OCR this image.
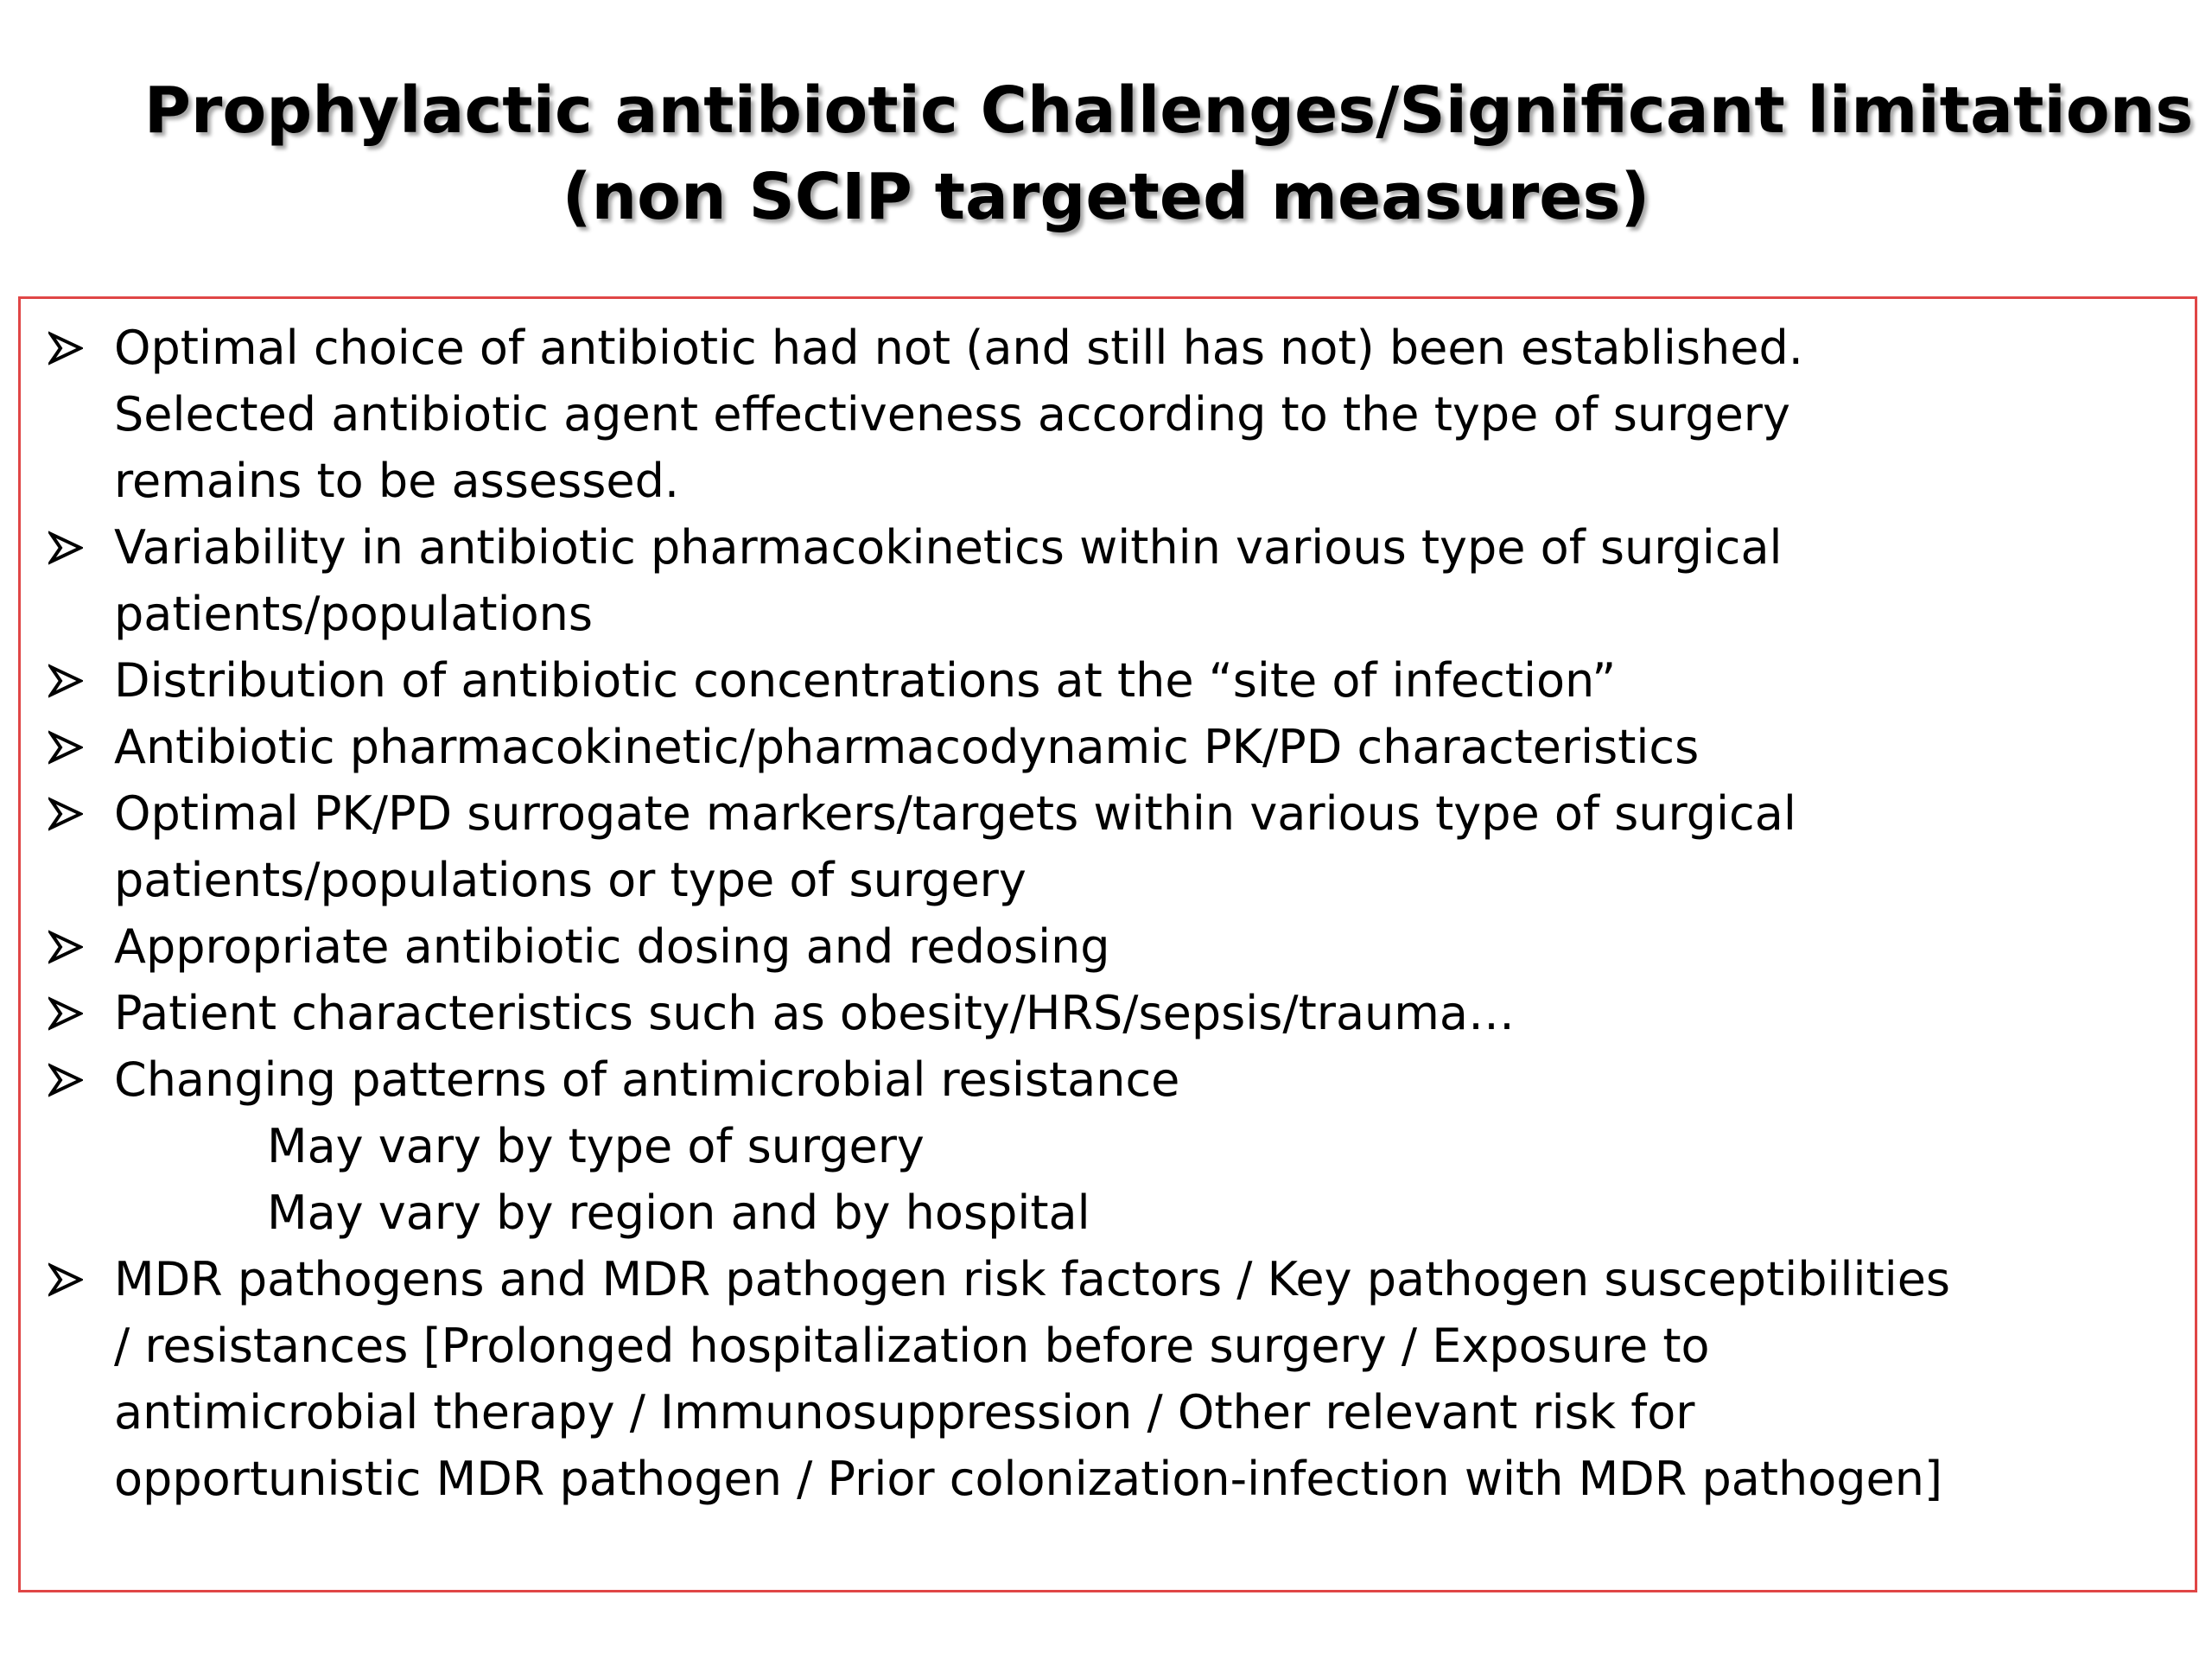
Prophylactic antibiotic Challenges/Significant limitations
(non SCIP targeted measures)
Optimal choice of antibiotic had not (and still has not) been established.
Selected antibiotic agent effectiveness according to the type of surgery
remains to be assessed.
Variability in antibiotic pharmacokinetics within various type of surgical
patients/populations
Distribution of antibiotic concentrations at the “site of infection”
Antibiotic pharmacokinetic/pharmacodynamic PK/PD characteristics
Optimal PK/PD surrogate markers/targets within various type of surgical
patients/populations or type of surgery
Appropriate antibiotic dosing and redosing
Patient characteristics such as obesity/HRS/sepsis/trauma…
Changing patterns of antimicrobial resistance
May vary by type of surgery
May vary by region and by hospital
MDR pathogens and MDR pathogen risk factors / Key pathogen susceptibilities
/ resistances [Prolonged hospitalization before surgery / Exposure to
antimicrobial therapy / Immunosuppression / Other relevant risk for
opportunistic MDR pathogen / Prior colonization-infection with MDR pathogen]
